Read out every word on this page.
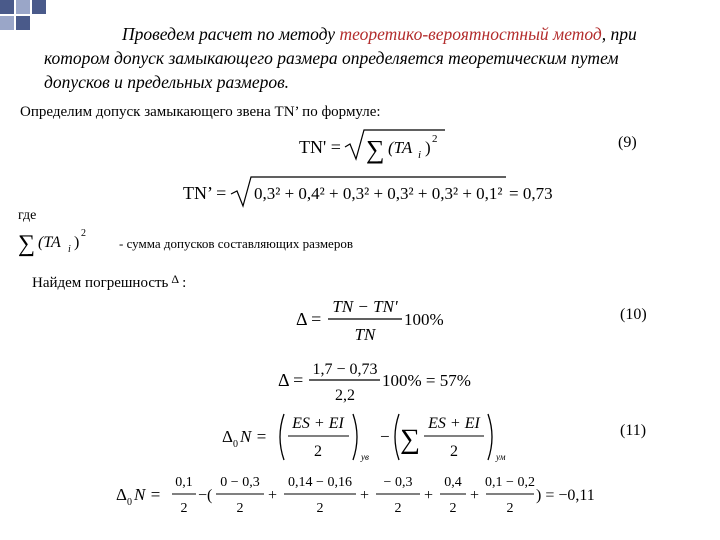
Проведем расчет по методу теоретико-вероятностный метод, при котором допуск замыкающего размера определяется теоретическим путем допусков и предельных размеров.

Определим допуск замыкающего звена TN’ по формуле:
TN' = ∑ (TA i ) 2	(9)
TN’ = 0,3² + 0,4² + 0,3² + 0,3² + 0,3² + 0,1² = 0,73
где
∑ (TA i )
2
- сумма допусков составляющих размеров
Найдем погрешность Δ :
Δ =
TN − TN'
TN
100%	(10)
Δ =
1,7 − 0,73
2,2
100% = 57%
Δ 0 N =
ES + EI
2	ув
− ∑
ES + EI
2	ум
(11)
Δ 0 N =
0,1
2
−(
0 − 0,3
2
+
0,14 − 0,16
2
+
− 0,3
2
+
0,4
2
+
0,1 − 0,2
2
) = −0,11
